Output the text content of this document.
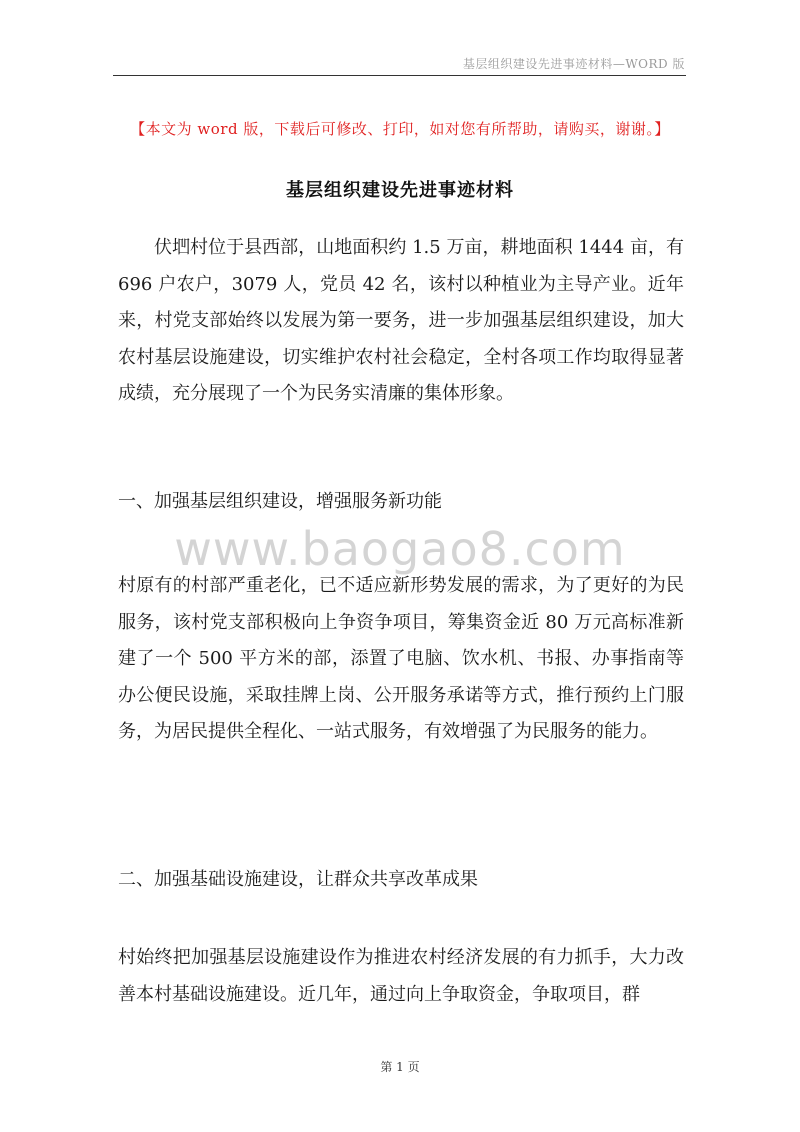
基层组织建设先进事迹材料—WORD 版
【本文为 word 版，下载后可修改、打印，如对您有所帮助，请购买，谢谢。】
基层组织建设先进事迹材料

伏垇村位于县西部，山地面积约 1.5 万亩，耕地面积 1444 亩，有 696 户农户，3079 人，党员 42 名，该村以种植业为主导产业。近年来，村党支部始终以发展为第一要务，进一步加强基层组织建设，加大农村基层设施建设，切实维护农村社会稳定，全村各项工作均取得显著成绩，充分展现了一个为民务实清廉的集体形象。

一、加强基层组织建设，增强服务新功能
www.baogao8.com

村原有的村部严重老化，已不适应新形势发展的需求，为了更好的为民服务，该村党支部积极向上争资争项目，筹集资金近 80 万元高标准新建了一个 500 平方米的部，添置了电脑、饮水机、书报、办事指南等办公便民设施，采取挂牌上岗、公开服务承诺等方式，推行预约上门服务，为居民提供全程化、一站式服务，有效增强了为民服务的能力。

二、加强基础设施建设，让群众共享改革成果

村始终把加强基层设施建设作为推进农村经济发展的有力抓手，大力改善本村基础设施建设。近几年，通过向上争取资金，争取项目，群

第 1 页
